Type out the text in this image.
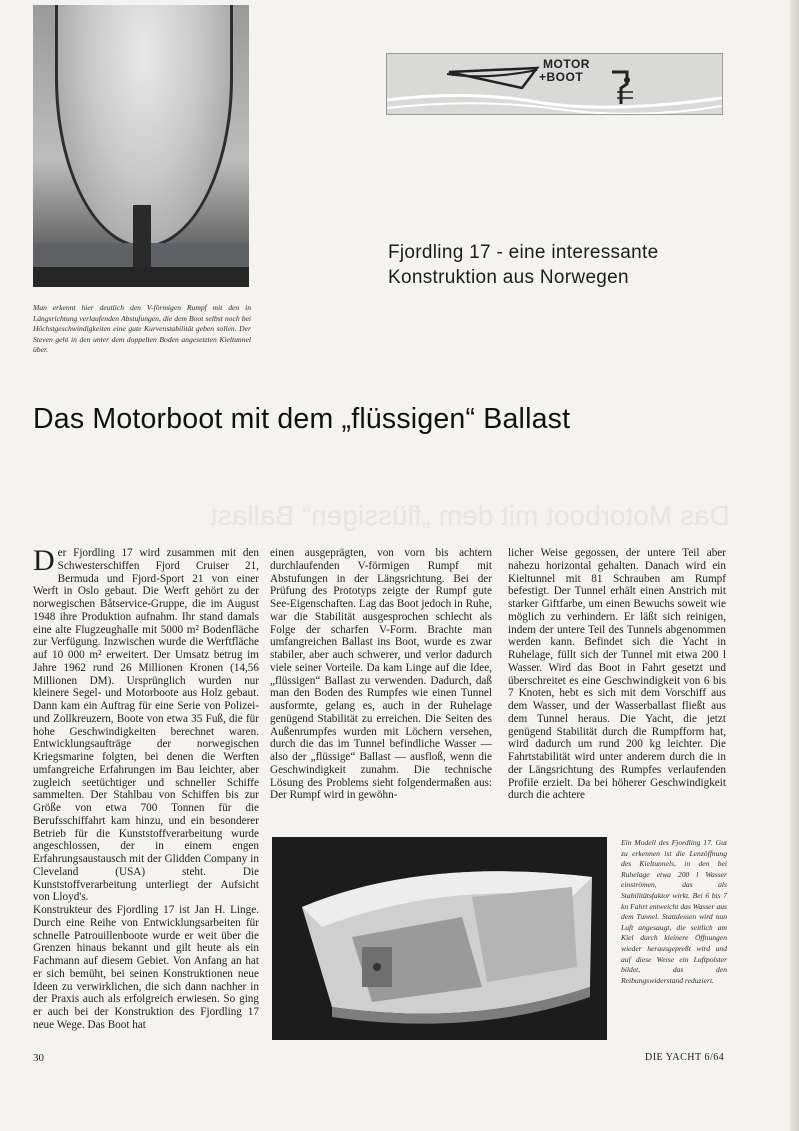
MOTOR
+BOOT
Fjordling 17 - eine interessante
Konstruktion aus Norwegen
Man erkennt hier deutlich den V-förmigen Rumpf mit den in Längsrichtung verlaufenden Abstufungen, die dem Boot selbst noch bei Höchstgeschwindigkeiten eine gute Kurvenstabilität geben sollen. Der Steven geht in den unter dem doppelten Boden angesetzten Kieltunnel über.
Das Motorboot mit dem „flüssigen“ Ballast
Das Motorboot mit dem „flüssigen“ Ballast
Der Fjordling 17 wird zusammen mit den Schwesterschiffen Fjord Cruiser 21, Bermuda und Fjord-Sport 21 von einer Werft in Oslo gebaut. Die Werft gehört zu der norwegischen Båtservice-Gruppe, die im August 1948 ihre Produktion aufnahm. Ihr stand damals eine alte Flugzeughalle mit 5000 m² Bodenfläche zur Verfügung. Inzwischen wurde die Werftfläche auf 10 000 m² erweitert. Der Umsatz betrug im Jahre 1962 rund 26 Millionen Kronen (14,56 Millionen DM). Ursprünglich wurden nur kleinere Segel- und Motorboote aus Holz gebaut. Dann kam ein Auftrag für eine Serie von Polizei- und Zollkreuzern, Boote von etwa 35 Fuß, die für hohe Geschwindigkeiten berechnet waren. Entwicklungsaufträge der norwegischen Kriegsmarine folgten, bei denen die Werften umfangreiche Erfahrungen im Bau leichter, aber zugleich seetüchtiger und schneller Schiffe sammelten. Der Stahlbau von Schiffen bis zur Größe von etwa 700 Tonnen für die Berufsschiffahrt kam hinzu, und ein besonderer Betrieb für die Kunststoffverarbeitung wurde angeschlossen, der in einem engen Erfahrungsaustausch mit der Glidden Company in Cleveland (USA) steht. Die Kunststoffverarbeitung unterliegt der Aufsicht von Lloyd's.
Konstrukteur des Fjordling 17 ist Jan H. Linge. Durch eine Reihe von Entwicklungsarbeiten für schnelle Patrouillenboote wurde er weit über die Grenzen hinaus bekannt und gilt heute als ein Fachmann auf diesem Gebiet. Von Anfang an hat er sich bemüht, bei seinen Konstruktionen neue Ideen zu verwirklichen, die sich dann nachher in der Praxis auch als erfolgreich erwiesen. So ging er auch bei der Konstruktion des Fjordling 17 neue Wege. Das Boot hat
einen ausgeprägten, von vorn bis achtern durchlaufenden V-förmigen Rumpf mit Abstufungen in der Längsrichtung. Bei der Prüfung des Prototyps zeigte der Rumpf gute See-Eigenschaften. Lag das Boot jedoch in Ruhe, war die Stabilität ausgesprochen schlecht als Folge der scharfen V-Form. Brachte man umfangreichen Ballast ins Boot, wurde es zwar stabiler, aber auch schwerer, und verlor dadurch viele seiner Vorteile. Da kam Linge auf die Idee, „flüssigen“ Ballast zu verwenden. Dadurch, daß man den Boden des Rumpfes wie einen Tunnel ausformte, gelang es, auch in der Ruhelage genügend Stabilität zu erreichen. Die Seiten des Außenrumpfes wurden mit Löchern versehen, durch die das im Tunnel befindliche Wasser — also der „flüssige“ Ballast — ausfloß, wenn die Geschwindigkeit zunahm. Die technische Lösung des Problems sieht folgendermaßen aus: Der Rumpf wird in gewöhn-
licher Weise gegossen, der untere Teil aber nahezu horizontal gehalten. Danach wird ein Kieltunnel mit 81 Schrauben am Rumpf befestigt. Der Tunnel erhält einen Anstrich mit starker Giftfarbe, um einen Bewuchs soweit wie möglich zu verhindern. Er läßt sich reinigen, indem der untere Teil des Tunnels abgenommen werden kann. Befindet sich die Yacht in Ruhelage, füllt sich der Tunnel mit etwa 200 l Wasser. Wird das Boot in Fahrt gesetzt und überschreitet es eine Geschwindigkeit von 6 bis 7 Knoten, hebt es sich mit dem Vorschiff aus dem Wasser, und der Wasserballast fließt aus dem Tunnel heraus. Die Yacht, die jetzt genügend Stabilität durch die Rumpfform hat, wird dadurch um rund 200 kg leichter. Die Fahrtstabilität wird unter anderem durch die in der Längsrichtung des Rumpfes verlaufenden Profile erzielt. Da bei höherer Geschwindigkeit durch die achtere
Ein Modell des Fjordling 17. Gut zu erkennen ist die Lenzöffnung des Kieltunnels, in den bei Ruhelage etwa 200 l Wasser einströmen, das als Stabilitätsfaktor wirkt. Bei 6 bis 7 kn Fahrt entweicht das Wasser aus dem Tunnel. Stattdessen wird nun Luft angesaugt, die seitlich am Kiel durch kleinere Öffnungen wieder herausgepreßt wird und auf diese Weise ein Luftpolster bildet, das den Reibungswiderstand reduziert.
30	DIE YACHT 6/64
